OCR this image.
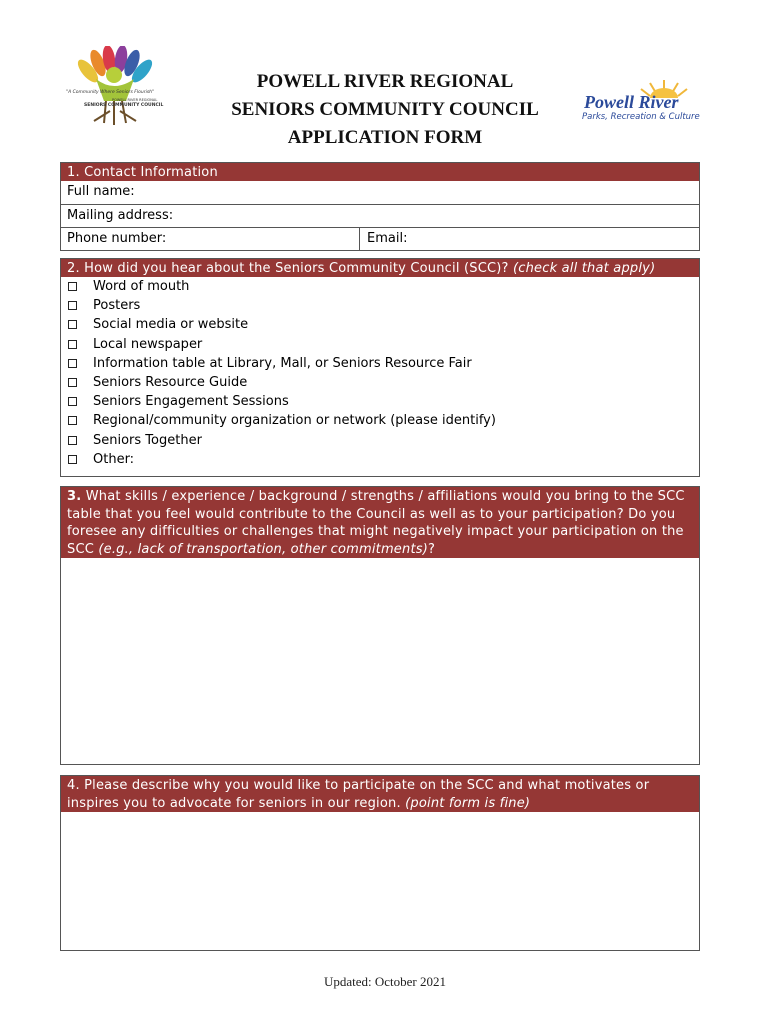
"A Community Where Seniors Flourish"
POWELL RIVER REGIONAL
SENIORS COMMUNITY COUNCIL
POWELL RIVER REGIONAL
SENIORS COMMUNITY COUNCIL
APPLICATION FORM
Powell River
Parks, Recreation & Culture
1. Contact Information
Full name:
Mailing address:
Phone number:	Email:
2. How did you hear about the Seniors Community Council (SCC)? (check all that apply)
Word of mouth
Posters
Social media or website
Local newspaper
Information table at Library, Mall, or Seniors Resource Fair
Seniors Resource Guide
Seniors Engagement Sessions
Regional/community organization or network (please identify)
Seniors Together
Other:
3. What skills / experience / background / strengths / affiliations would you bring to the SCC table that you feel would contribute to the Council as well as to your participation? Do you foresee any difficulties or challenges that might negatively impact your participation on the SCC (e.g., lack of transportation, other commitments)?
4. Please describe why you would like to participate on the SCC and what motivates or inspires you to advocate for seniors in our region. (point form is fine)
Updated: October 2021
